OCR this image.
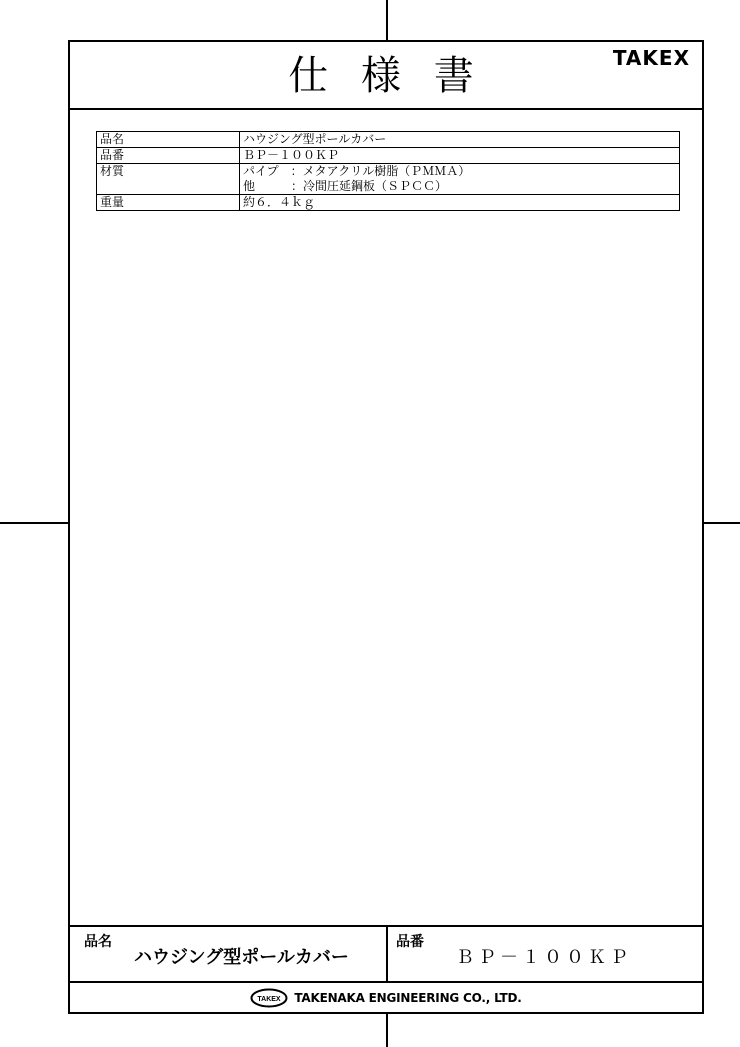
仕 様 書	TAKEX
品名	ハウジング型ポールカバー

品番	ＢＰ－１００ＫＰ

材質	パイプ　：メタアクリル樹脂（ＰＭＭＡ）
他　　　：冷間圧延鋼板（ＳＰＣＣ）

重量	約６．４ｋｇ
品名
ハウジング型ポールカバー
品番
ＢＰ－１００ＫＰ
TAKEX TAKENAKA ENGINEERING CO., LTD.
